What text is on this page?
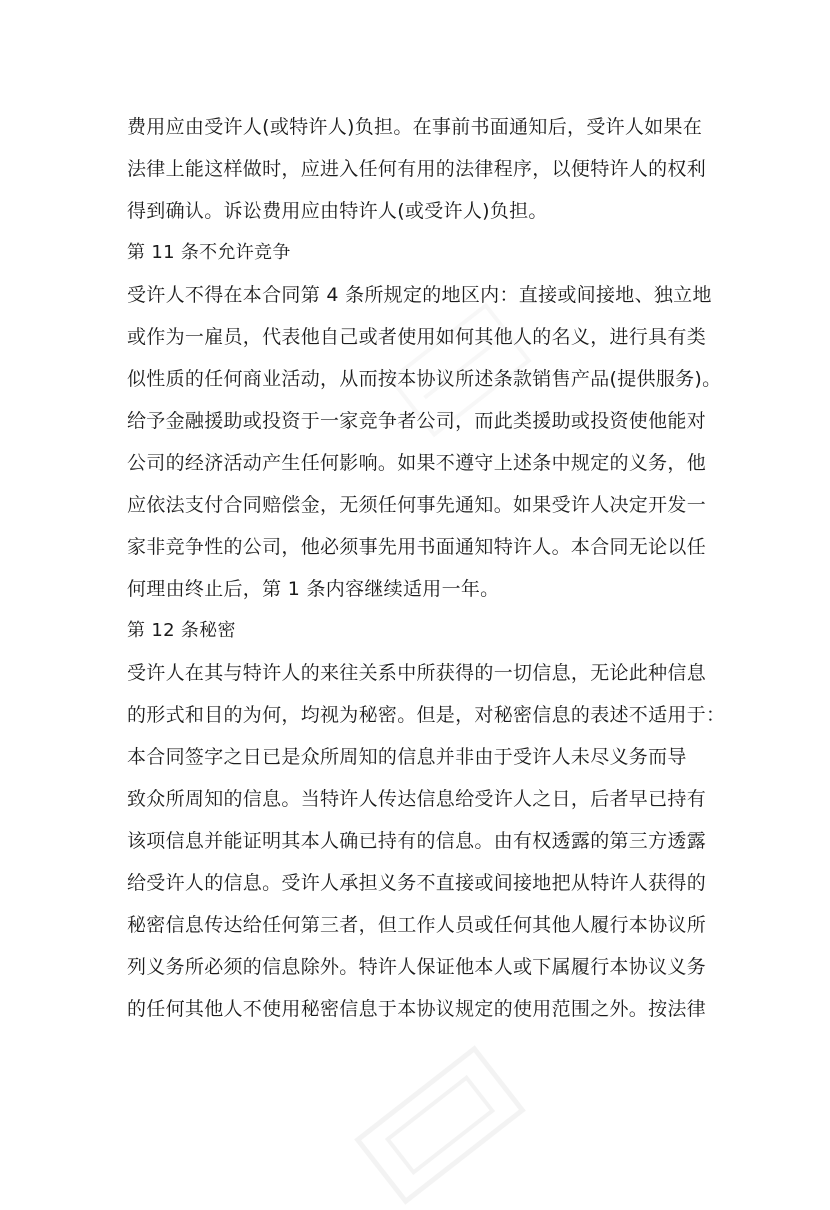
费用应由受许人(或特许人)负担。在事前书面通知后，受许人如果在
法律上能这样做时，应进入任何有用的法律程序，以便特许人的权利
得到确认。诉讼费用应由特许人(或受许人)负担。
第 11 条不允许竞争
受许人不得在本合同第 4 条所规定的地区内：直接或间接地、独立地
或作为一雇员，代表他自己或者使用如何其他人的名义，进行具有类
似性质的任何商业活动，从而按本协议所述条款销售产品(提供服务)。
给予金融援助或投资于一家竞争者公司，而此类援助或投资使他能对
公司的经济活动产生任何影响。如果不遵守上述条中规定的义务，他
应依法支付合同赔偿金，无须任何事先通知。如果受许人决定开发一
家非竞争性的公司，他必须事先用书面通知特许人。本合同无论以任
何理由终止后，第 1 条内容继续适用一年。
第 12 条秘密
受许人在其与特许人的来往关系中所获得的一切信息，无论此种信息
的形式和目的为何，均视为秘密。但是，对秘密信息的表述不适用于：
本合同签字之日已是众所周知的信息并非由于受许人未尽义务而导
致众所周知的信息。当特许人传达信息给受许人之日，后者早已持有
该项信息并能证明其本人确已持有的信息。由有权透露的第三方透露
给受许人的信息。受许人承担义务不直接或间接地把从特许人获得的
秘密信息传达给任何第三者，但工作人员或任何其他人履行本协议所
列义务所必须的信息除外。特许人保证他本人或下属履行本协议义务
的任何其他人不使用秘密信息于本协议规定的使用范围之外。按法律
